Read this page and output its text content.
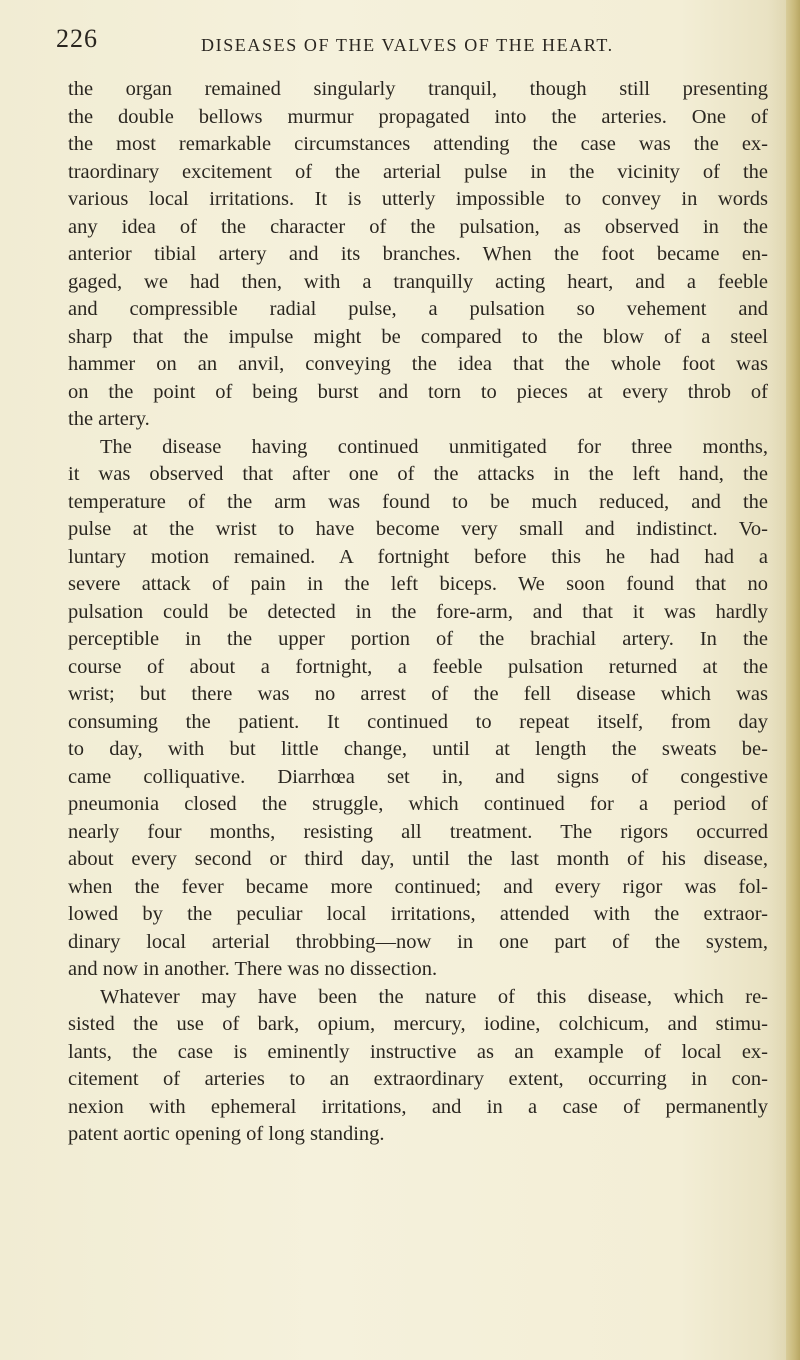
226	DISEASES OF THE VALVES OF THE HEART.
the organ remained singularly tranquil, though still presenting
the double bellows murmur propagated into the arteries. One of
the most remarkable circumstances attending the case was the ex-
traordinary excitement of the arterial pulse in the vicinity of the
various local irritations. It is utterly impossible to convey in words
any idea of the character of the pulsation, as observed in the
anterior tibial artery and its branches. When the foot became en-
gaged, we had then, with a tranquilly acting heart, and a feeble
and compressible radial pulse, a pulsation so vehement and
sharp that the impulse might be compared to the blow of a steel
hammer on an anvil, conveying the idea that the whole foot was
on the point of being burst and torn to pieces at every throb of
the artery.
The disease having continued unmitigated for three months,
it was observed that after one of the attacks in the left hand, the
temperature of the arm was found to be much reduced, and the
pulse at the wrist to have become very small and indistinct. Vo-
luntary motion remained. A fortnight before this he had had a
severe attack of pain in the left biceps. We soon found that no
pulsation could be detected in the fore-arm, and that it was hardly
perceptible in the upper portion of the brachial artery. In the
course of about a fortnight, a feeble pulsation returned at the
wrist; but there was no arrest of the fell disease which was
consuming the patient. It continued to repeat itself, from day
to day, with but little change, until at length the sweats be-
came colliquative. Diarrhœa set in, and signs of congestive
pneumonia closed the struggle, which continued for a period of
nearly four months, resisting all treatment. The rigors occurred
about every second or third day, until the last month of his disease,
when the fever became more continued; and every rigor was fol-
lowed by the peculiar local irritations, attended with the extraor-
dinary local arterial throbbing—now in one part of the system,
and now in another. There was no dissection.
Whatever may have been the nature of this disease, which re-
sisted the use of bark, opium, mercury, iodine, colchicum, and stimu-
lants, the case is eminently instructive as an example of local ex-
citement of arteries to an extraordinary extent, occurring in con-
nexion with ephemeral irritations, and in a case of permanently
patent aortic opening of long standing.
